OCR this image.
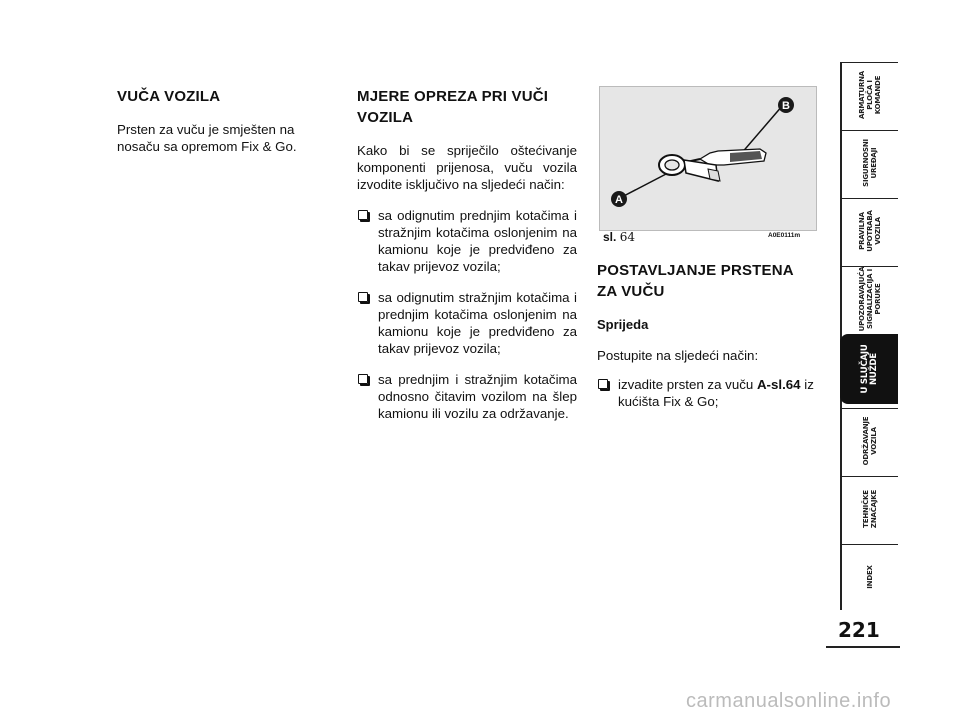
VUČA VOZILA

Prsten za vuču je smješten na nosaču sa opremom Fix & Go.

MJERE OPREZA PRI VUČI
VOZILA

Kako bi se spriječilo oštećivanje komponenti prijenosa, vuču vozila izvodite isključivo na sljedeći način:

sa odignutim prednjim kotačima i stražnjim kotačima oslonjenim na kamionu koje je predviđeno za takav prijevoz vozila;

sa odignutim stražnjim kotačima i prednjim kotačima oslonjenim na kamionu koje je predviđeno za takav prijevoz vozila;

sa prednjim i stražnjim kotačima odnosno čitavim vozilom na šlep kamionu ili vozilu za održavanje.

A
B
sl. 64	A0E0111m
POSTAVLJANJE PRSTENA
ZA VUČU

Sprijeda

Postupite na sljedeći način:

izvadite prsten za vuču A-sl.64 iz kućišta Fix & Go;

ARMATURNA
PLOČA I
KOMANDE
SIGURNOSNI
UREĐAJI
PRAVILNA
UPOTRABA
VOZILA
UPOZORAVAJUĆA
SIGNALIZACIJA I
PORUKE
U SLUČAJU
NUŽDE
ODRŽAVANJE
VOZILA
TEHNIČKE
ZNAČAJKE
INDEX
221
carmanualsonline.info
